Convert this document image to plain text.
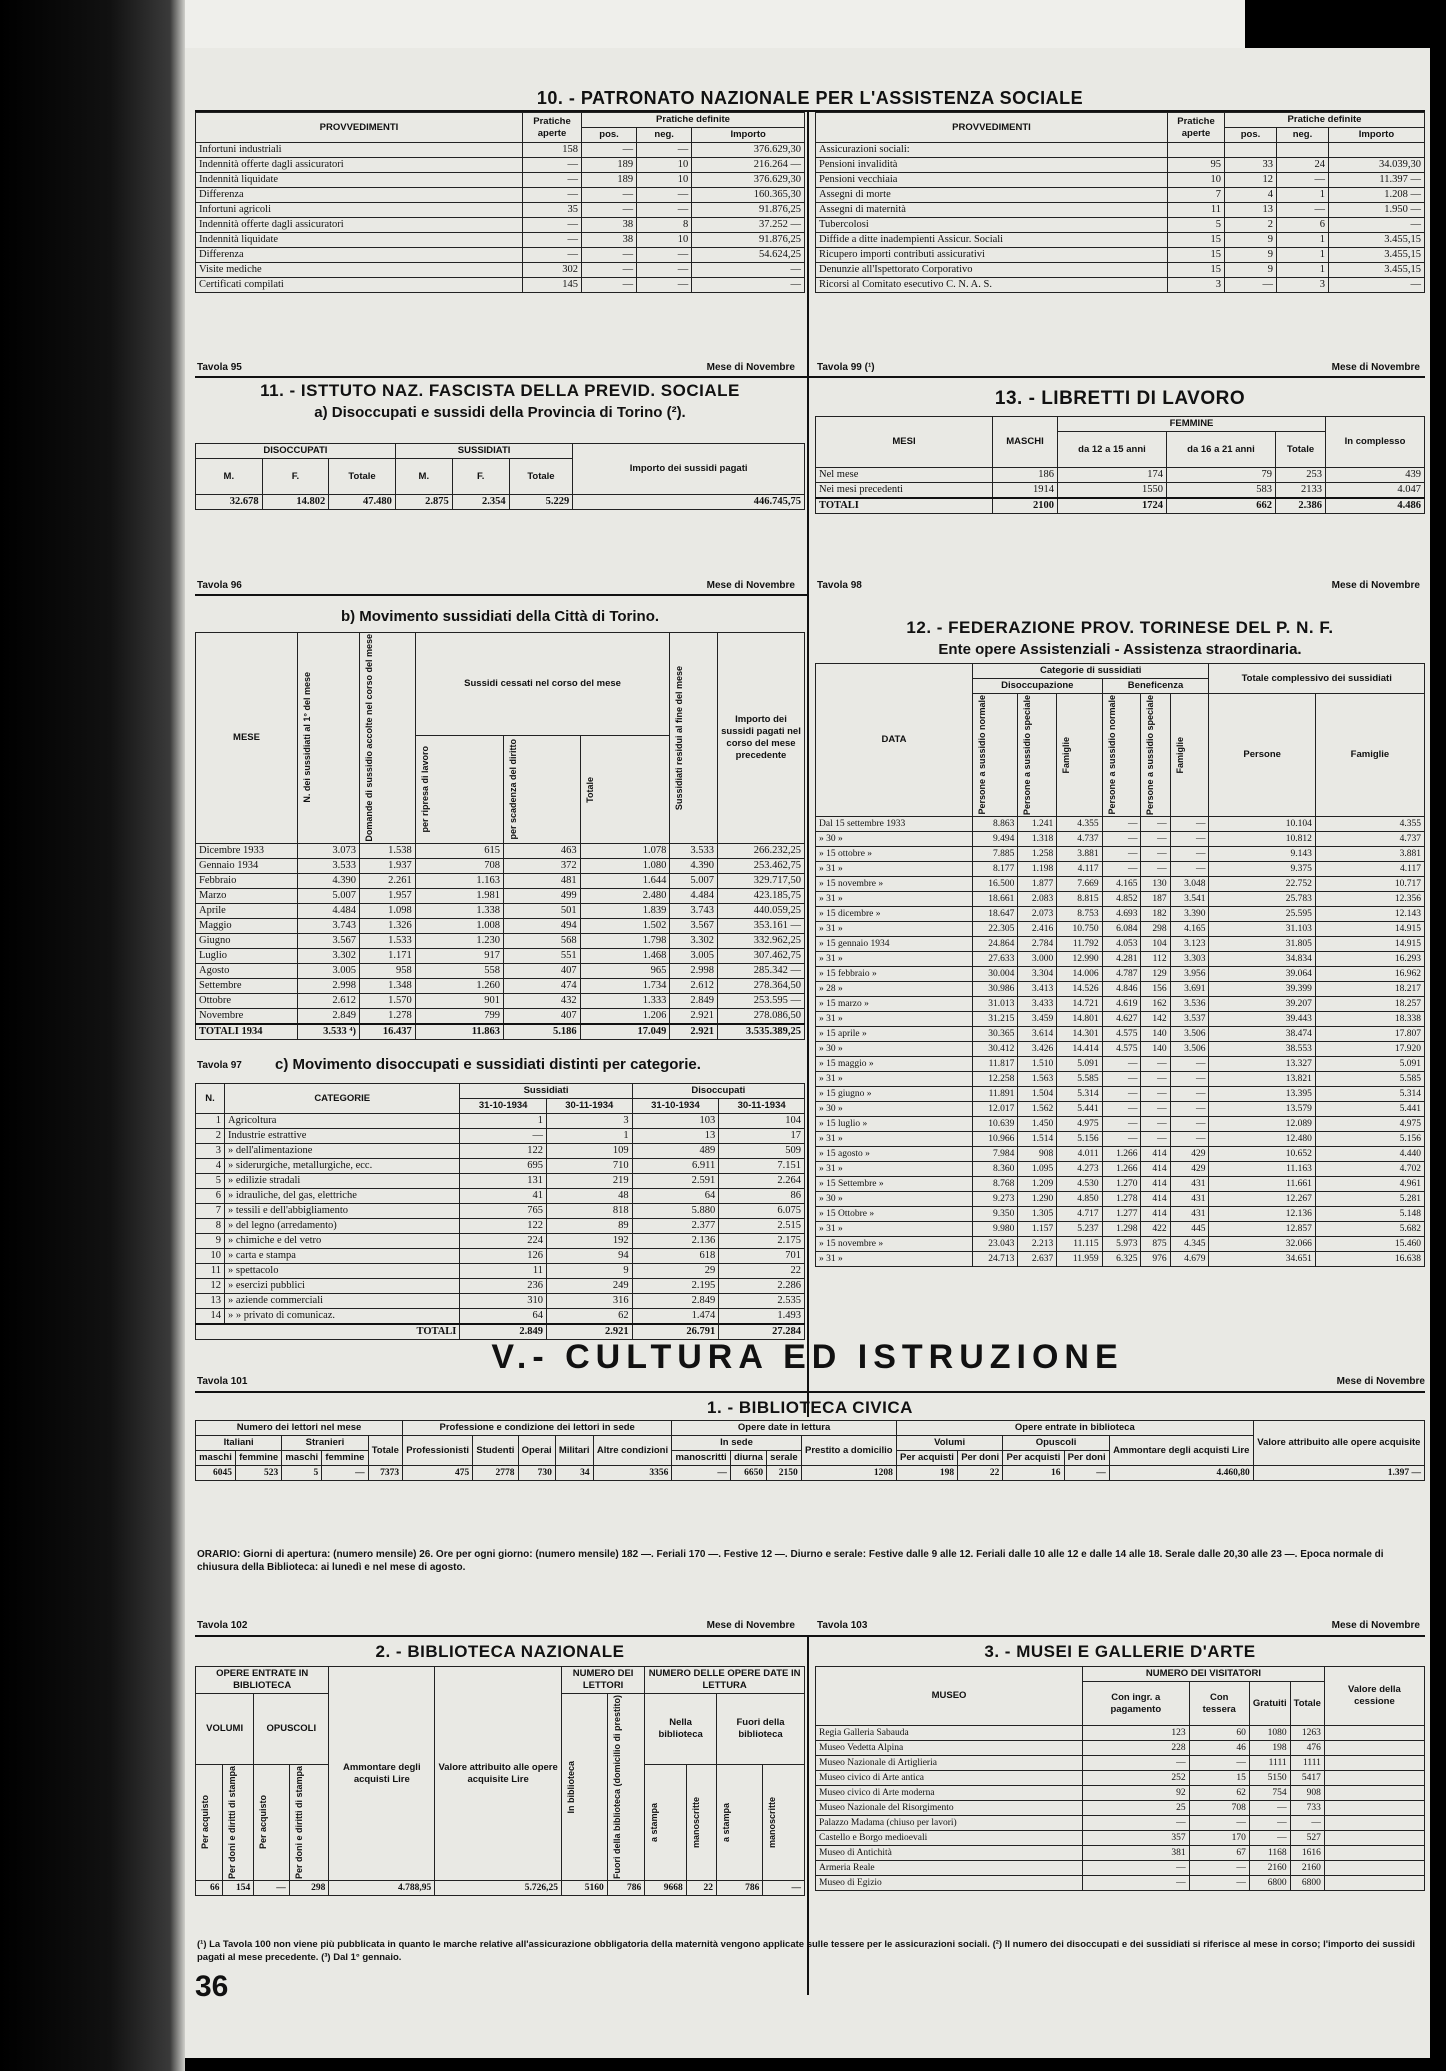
10. - PATRONATO NAZIONALE PER L'ASSISTENZA SOCIALE
PROVVEDIMENTI	Pratiche aperte	Pratiche definite		
		pos.	neg.	Importo
Infortuni industriali	158	—	—	376.629,30
Indennità offerte dagli assicuratori	—	189	10	216.264 —
Indennità liquidate	—	189	10	376.629,30
Differenza	—	—	—	160.365,30
Infortuni agricoli	35	—	—	91.876,25
Indennità offerte dagli assicuratori	—	38	8	37.252 —
Indennità liquidate	—	38	10	91.876,25
Differenza	—	—	—	54.624,25
Visite mediche	302	—	—	—
Certificati compilati	145	—	—	—
PROVVEDIMENTI	Pratiche aperte	Pratiche definite		
		pos.	neg.	Importo
Assicurazioni sociali:				
Pensioni invalidità	95	33	24	34.039,30
Pensioni vecchiaia	10	12	—	11.397 —
Assegni di morte	7	4	1	1.208 —
Assegni di maternità	11	13	—	1.950 —
Tubercolosi	5	2	6	—
Diffide a ditte inadempienti Assicur. Sociali	15	9	1	3.455,15
Ricupero importi contributi assicurativi	15	9	1	3.455,15
Denunzie all'Ispettorato Corporativo	15	9	1	3.455,15
Ricorsi al Comitato esecutivo C. N. A. S.	3	—	3	—
Tavola 95	Mese di Novembre Tavola 99 (¹)	Mese di Novembre
11. - ISTTUTO NAZ. FASCISTA DELLA PREVID. SOCIALE
a) Disoccupati e sussidi della Provincia di Torino (²).
DISOCCUPATI			SUSSIDIATI			Importo dei sussidi pagati
M.	F.	Totale	M.	F.	Totale	
32.678	14.802	47.480	2.875	2.354	5.229	446.745,75
Tavola 96	Mese di Novembre
b) Movimento sussidiati della Città di Torino.
MESE	N. dei sussidiati al 1° del mese	Domande di sussidio accolte nel corso del mese	Sussidi cessati nel corso del mese			Sussidiati residui al fine del mese	Importo dei sussidi pagati nel corso del mese precedente

			per ripresa di lavoro	per scadenza del diritto	Totale		

Dicembre 1933	3.073	1.538	615	463	1.078	3.533	266.232,25
Gennaio 1934	3.533	1.937	708	372	1.080	4.390	253.462,75
Febbraio	4.390	2.261	1.163	481	1.644	5.007	329.717,50
Marzo	5.007	1.957	1.981	499	2.480	4.484	423.185,75
Aprile	4.484	1.098	1.338	501	1.839	3.743	440.059,25
Maggio	3.743	1.326	1.008	494	1.502	3.567	353.161 —
Giugno	3.567	1.533	1.230	568	1.798	3.302	332.962,25
Luglio	3.302	1.171	917	551	1.468	3.005	307.462,75
Agosto	3.005	958	558	407	965	2.998	285.342 —
Settembre	2.998	1.348	1.260	474	1.734	2.612	278.364,50
Ottobre	2.612	1.570	901	432	1.333	2.849	253.595 —
Novembre	2.849	1.278	799	407	1.206	2.921	278.086,50
TOTALI 1934	3.533 ⁴)	16.437	11.863	5.186	17.049	2.921	3.535.389,25
Tavola 97 c) Movimento disoccupati e sussidiati distinti per categorie.
N.	CATEGORIE	Sussidiati		Disoccupati	
		31-10-1934	30-11-1934	31-10-1934	30-11-1934
1	Agricoltura	1	3	103	104
2	Industrie estrattive	—	1	13	17
3	» dell'alimentazione	122	109	489	509
4	» siderurgiche, metallurgiche, ecc.	695	710	6.911	7.151
5	» edilizie stradali	131	219	2.591	2.264
6	» idrauliche, del gas, elettriche	41	48	64	86
7	» tessili e dell'abbigliamento	765	818	5.880	6.075
8	» del legno (arredamento)	122	89	2.377	2.515
9	» chimiche e del vetro	224	192	2.136	2.175
10	» carta e stampa	126	94	618	701
11	» spettacolo	11	9	29	22
12	» esercizi pubblici	236	249	2.195	2.286
13	» aziende commerciali	310	316	2.849	2.535
14	» » privato di comunicaz.	64	62	1.474	1.493
TOTALI		2.849	2.921	26.791	27.284
13. - LIBRETTI DI LAVORO
MESI	MASCHI	FEMMINE			In complesso
		da 12 a 15 anni	da 16 a 21 anni	Totale	
Nel mese	186	174	79	253	439
Nei mesi precedenti	1914	1550	583	2133	4.047
TOTALI	2100	1724	662	2.386	4.486
Tavola 98	Mese di Novembre
12. - FEDERAZIONE PROV. TORINESE DEL P. N. F.
Ente opere Assistenziali - Assistenza straordinaria.
DATA	Categorie di sussidiati						Totale complessivo dei sussidiati	
	Disoccupazione			Beneficenza				

	Persone a sussidio normale	Persone a sussidio speciale	Famiglie	Persone a sussidio normale	Persone a sussidio speciale	Famiglie	Persone	Famiglie
Dal 15 settembre 1933	8.863	1.241	4.355	—	—	—	10.104	4.355
» 30 »	9.494	1.318	4.737	—	—	—	10.812	4.737
» 15 ottobre »	7.885	1.258	3.881	—	—	—	9.143	3.881
» 31 »	8.177	1.198	4.117	—	—	—	9.375	4.117
» 15 novembre »	16.500	1.877	7.669	4.165	130	3.048	22.752	10.717
» 31 »	18.661	2.083	8.815	4.852	187	3.541	25.783	12.356
» 15 dicembre »	18.647	2.073	8.753	4.693	182	3.390	25.595	12.143
» 31 »	22.305	2.416	10.750	6.084	298	4.165	31.103	14.915
» 15 gennaio 1934	24.864	2.784	11.792	4.053	104	3.123	31.805	14.915
» 31 »	27.633	3.000	12.990	4.281	112	3.303	34.834	16.293
» 15 febbraio »	30.004	3.304	14.006	4.787	129	3.956	39.064	16.962
» 28 »	30.986	3.413	14.526	4.846	156	3.691	39.399	18.217
» 15 marzo »	31.013	3.433	14.721	4.619	162	3.536	39.207	18.257
» 31 »	31.215	3.459	14.801	4.627	142	3.537	39.443	18.338
» 15 aprile »	30.365	3.614	14.301	4.575	140	3.506	38.474	17.807
» 30 »	30.412	3.426	14.414	4.575	140	3.506	38.553	17.920
» 15 maggio »	11.817	1.510	5.091	—	—	—	13.327	5.091
» 31 »	12.258	1.563	5.585	—	—	—	13.821	5.585
» 15 giugno »	11.891	1.504	5.314	—	—	—	13.395	5.314
» 30 »	12.017	1.562	5.441	—	—	—	13.579	5.441
» 15 luglio »	10.639	1.450	4.975	—	—	—	12.089	4.975
» 31 »	10.966	1.514	5.156	—	—	—	12.480	5.156
» 15 agosto »	7.984	908	4.011	1.266	414	429	10.652	4.440
» 31 »	8.360	1.095	4.273	1.266	414	429	11.163	4.702
» 15 Settembre »	8.768	1.209	4.530	1.270	414	431	11.661	4.961
» 30 »	9.273	1.290	4.850	1.278	414	431	12.267	5.281
» 15 Ottobre »	9.350	1.305	4.717	1.277	414	431	12.136	5.148
» 31 »	9.980	1.157	5.237	1.298	422	445	12.857	5.682
» 15 novembre »	23.043	2.213	11.115	5.973	875	4.345	32.066	15.460
» 31 »	24.713	2.637	11.959	6.325	976	4.679	34.651	16.638
V.- CULTURA ED ISTRUZIONE
Tavola 101	Mese di Novembre
1. - BIBLIOTECA CIVICA
Numero dei lettori nel mese					Professione e condizione dei lettori in sede					Opere date in lettura				Opere entrate in biblioteca					Valore attribuito alle opere acquisite
Italiani		Stranieri		Totale	Professionisti	Studenti	Operai	Militari	Altre condizioni	In sede			Prestito a domicilio	Volumi		Opuscoli		Ammontare degli acquisti Lire	
maschi	femmine	maschi	femmine							manoscritti	diurna	serale		Per acquisti	Per doni	Per acquisti	Per doni		
6045	523	5	—	7373	475	2778	730	34	3356	—	6650	2150	1208	198	22	16	—	4.460,80	1.397 —
ORARIO: Giorni di apertura: (numero mensile) 26. Ore per ogni giorno: (numero mensile) 182 —. Feriali 170 —. Festive 12 —. Diurno e serale: Festive dalle 9 alle 12. Feriali dalle 10 alle 12 e dalle 14 alle 18. Serale dalle 20,30 alle 23 —. Epoca normale di chiusura della Biblioteca: ai lunedì e nel mese di agosto.
Tavola 102	Mese di Novembre Tavola 103	Mese di Novembre
2. - BIBLIOTECA NAZIONALE
OPERE ENTRATE IN BIBLIOTECA				Ammontare degli acquisti Lire	Valore attribuito alle opere acquisite Lire	NUMERO DEI LETTORI		NUMERO DELLE OPERE DATE IN LETTURA			
VOLUMI		OPUSCOLI				In biblioteca	Fuori della biblioteca (domicilio di prestito)	Nella biblioteca		Fuori della biblioteca	

Per acquisto	Per doni e diritti di stampa	Per acquisto	Per doni e diritti di stampa					a stampa	manoscritte	a stampa	manoscritte

66	154	—	298	4.788,95	5.726,25	5160	786	9668	22	786	—
3. - MUSEI E GALLERIE D'ARTE
MUSEO	NUMERO DEI VISITATORI				Valore della cessione
	Con ingr. a pagamento	Con tessera	Gratuiti	Totale	
Regia Galleria Sabauda	123	60	1080	1263	
Museo Vedetta Alpina	228	46	198	476	
Museo Nazionale di Artiglieria	—	—	1111	1111	
Museo civico di Arte antica	252	15	5150	5417	
Museo civico di Arte moderna	92	62	754	908	
Museo Nazionale del Risorgimento	25	708	—	733	
Palazzo Madama (chiuso per lavori)	—	—	—	—	
Castello e Borgo medioevali	357	170	—	527	
Museo di Antichità	381	67	1168	1616	
Armeria Reale	—	—	2160	2160	
Museo di Egizio	—	—	6800	6800	
(¹) La Tavola 100 non viene più pubblicata in quanto le marche relative all'assicurazione obbligatoria della maternità vengono applicate sulle tessere per le assicurazioni sociali. (²) Il numero dei disoccupati e dei sussidiati si riferisce al mese in corso; l'importo dei sussidi pagati al mese precedente. (³) Dal 1° gennaio.
36
